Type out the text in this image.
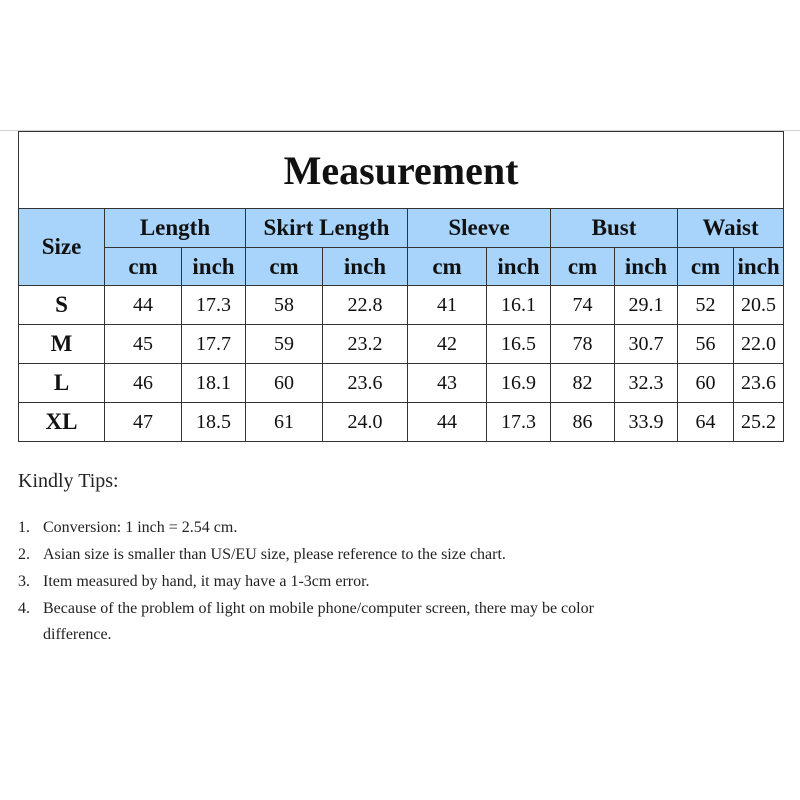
Measurement										
Size	Length		Skirt Length		Sleeve		Bust		Waist	
	cm	inch	cm	inch	cm	inch	cm	inch	cm	inch
S	44	17.3	58	22.8	41	16.1	74	29.1	52	20.5
M	45	17.7	59	23.2	42	16.5	78	30.7	56	22.0
L	46	18.1	60	23.6	43	16.9	82	32.3	60	23.6
XL	47	18.5	61	24.0	44	17.3	86	33.9	64	25.2
Kindly Tips:
1. Conversion: 1 inch = 2.54 cm.
2. Asian size is smaller than US/EU size, please reference to the size chart.
3. Item measured by hand, it may have a 1-3cm error.
4. Because of the problem of light on mobile phone/computer screen, there may be color difference.
